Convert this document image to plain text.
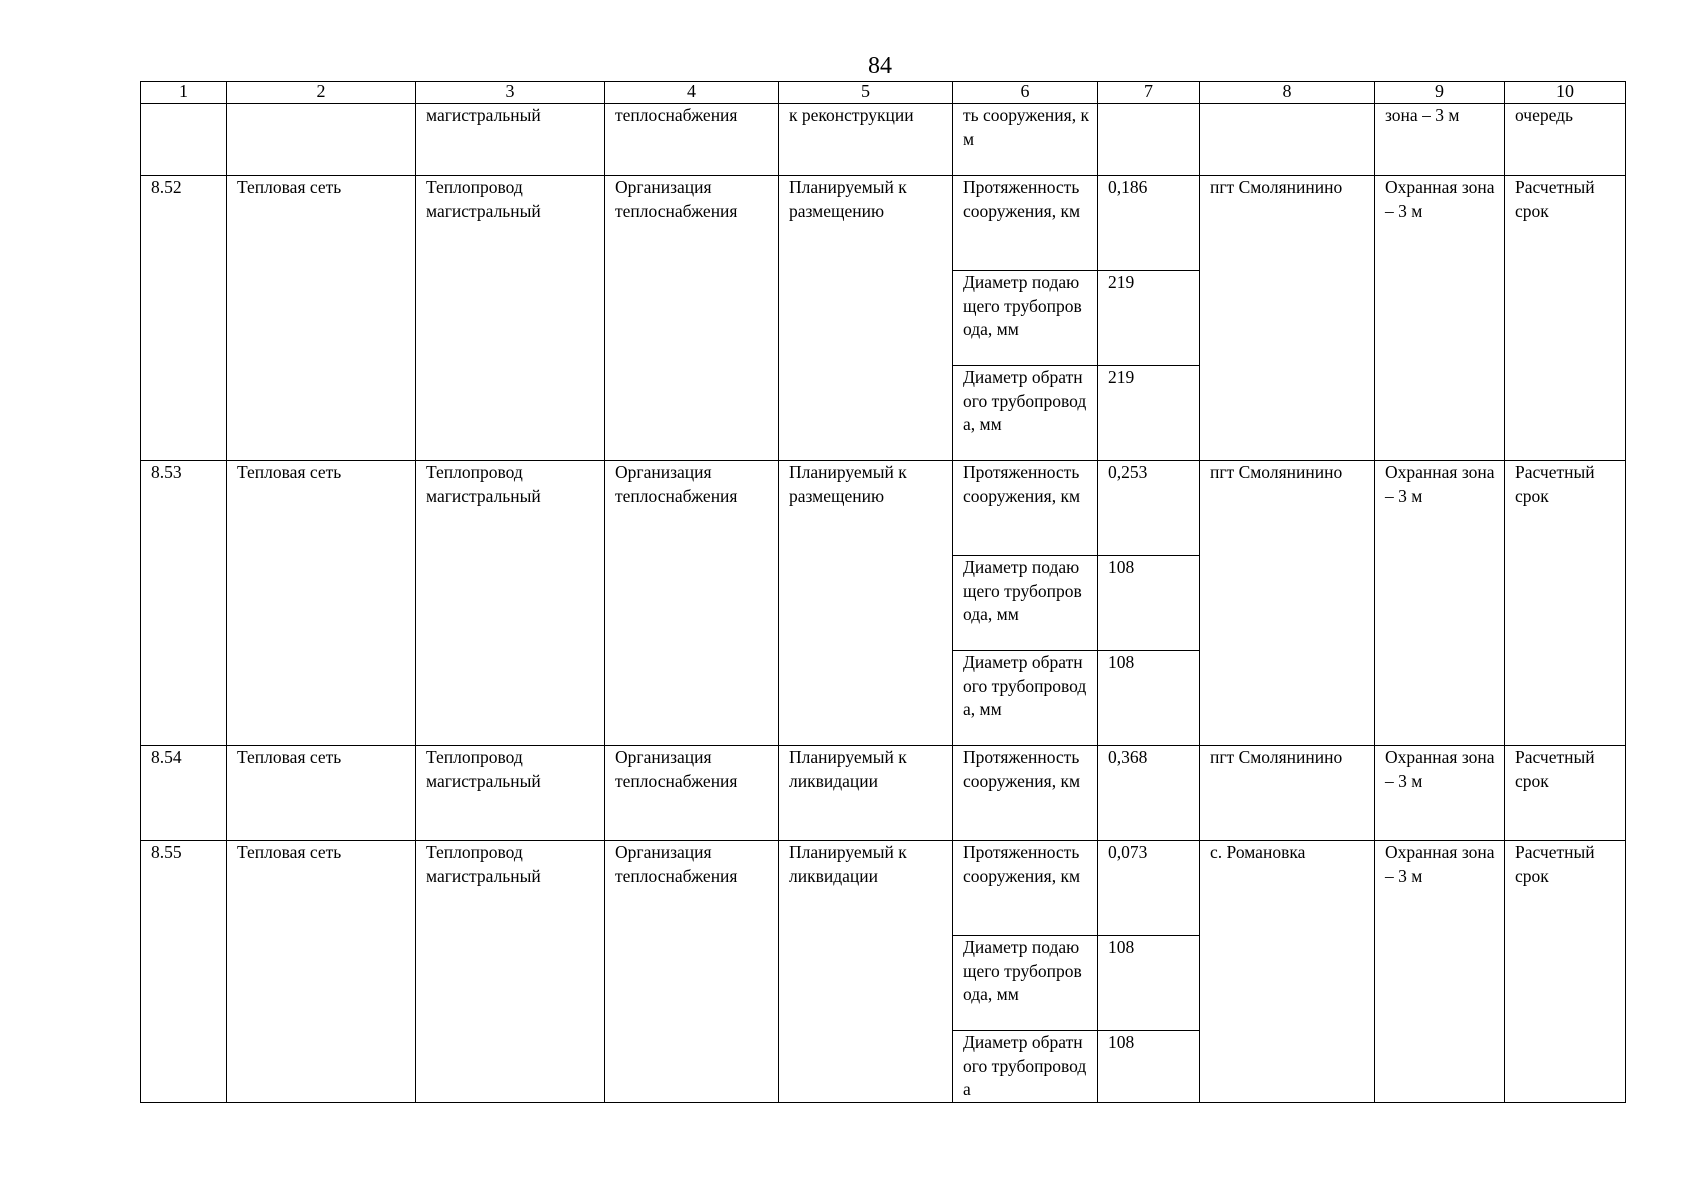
84
1	2	3	4	5	6	7	8	9	10
		магистральный	теплоснабжения	к реконструкции	ть сооружения, км			зона – 3 м	очередь
8.52	Тепловая сеть	Теплопровод магистральный	Организация теплоснабжения	Планируемый к размещению	Протяженность сооружения, км	0,186	пгт Смолянинино	Охранная зона – 3 м	Расчетный срок
					Диаметр подающего трубопровода, мм	219			
					Диаметр обратного трубопровода, мм	219			
8.53	Тепловая сеть	Теплопровод магистральный	Организация теплоснабжения	Планируемый к размещению	Протяженность сооружения, км	0,253	пгт Смолянинино	Охранная зона – 3 м	Расчетный срок
					Диаметр подающего трубопровода, мм	108			
					Диаметр обратного трубопровода, мм	108			
8.54	Тепловая сеть	Теплопровод магистральный	Организация теплоснабжения	Планируемый к ликвидации	Протяженность сооружения, км	0,368	пгт Смолянинино	Охранная зона – 3 м	Расчетный срок
8.55	Тепловая сеть	Теплопровод магистральный	Организация теплоснабжения	Планируемый к ликвидации	Протяженность сооружения, км	0,073	с. Романовка	Охранная зона – 3 м	Расчетный срок
					Диаметр подающего трубопровода, мм	108			
					Диаметр обратного трубопровода	108			
